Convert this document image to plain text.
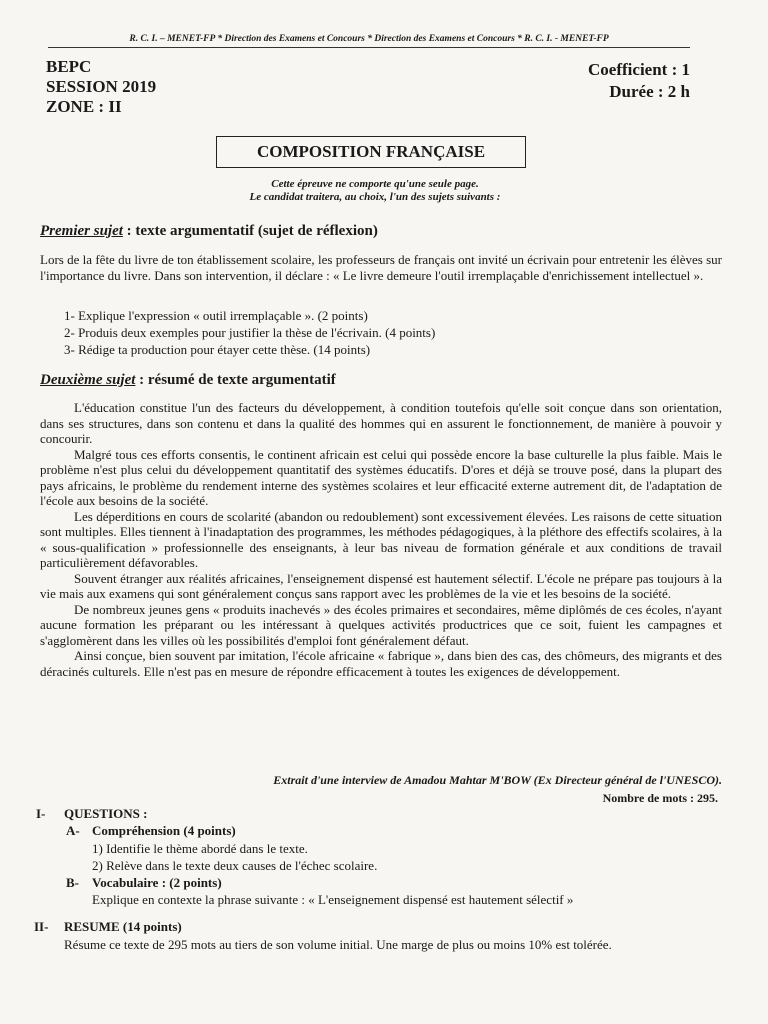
R. C. I. – MENET-FP * Direction des Examens et Concours * Direction des Examens et Concours * R. C. I. - MENET-FP
BEPC
SESSION 2019
ZONE : II
Coefficient : 1
Durée : 2 h
COMPOSITION FRANÇAISE
Cette épreuve ne comporte qu'une seule page.
Le candidat traitera, au choix, l'un des sujets suivants :
Premier sujet : texte argumentatif (sujet de réflexion)

Lors de la fête du livre de ton établissement scolaire, les professeurs de français ont invité un écrivain pour entretenir les élèves sur l'importance du livre. Dans son intervention, il déclare : « Le livre demeure l'outil irremplaçable d'enrichissement intellectuel ».

1- Explique l'expression « outil irremplaçable ». (2 points)
2- Produis deux exemples pour justifier la thèse de l'écrivain. (4 points)
3- Rédige ta production pour étayer cette thèse. (14 points)
Deuxième sujet : résumé de texte argumentatif

L'éducation constitue l'un des facteurs du développement, à condition toutefois qu'elle soit conçue dans son orientation, dans ses structures, dans son contenu et dans la qualité des hommes qui en assurent le fonctionnement, de manière à pouvoir y concourir.

Malgré tous ces efforts consentis, le continent africain est celui qui possède encore la base culturelle la plus faible. Mais le problème n'est plus celui du développement quantitatif des systèmes éducatifs. D'ores et déjà se trouve posé, dans la plupart des pays africains, le problème du rendement interne des systèmes scolaires et leur efficacité externe autrement dit, de l'adaptation de l'école aux besoins de la société.

Les déperditions en cours de scolarité (abandon ou redoublement) sont excessivement élevées. Les raisons de cette situation sont multiples. Elles tiennent à l'inadaptation des programmes, les méthodes pédagogiques, à la pléthore des effectifs scolaires, à la « sous-qualification » professionnelle des enseignants, à leur bas niveau de formation générale et aux conditions de travail particulièrement défavorables.

Souvent étranger aux réalités africaines, l'enseignement dispensé est hautement sélectif. L'école ne prépare pas toujours à la vie mais aux examens qui sont généralement conçus sans rapport avec les problèmes de la vie et les besoins de la société.

De nombreux jeunes gens « produits inachevés » des écoles primaires et secondaires, même diplômés de ces écoles, n'ayant aucune formation les préparant ou les intéressant à quelques activités productrices que ce soit, fuient les campagnes et s'agglomèrent dans les villes où les possibilités d'emploi font généralement défaut.

Ainsi conçue, bien souvent par imitation, l'école africaine « fabrique », dans bien des cas, des chômeurs, des migrants et des déracinés culturels. Elle n'est pas en mesure de répondre efficacement à toutes les exigences de développement.

Extrait d'une interview de Amadou Mahtar M'BOW (Ex Directeur général de l'UNESCO).
Nombre de mots : 295.
I- QUESTIONS :
A- Compréhension (4 points)
1) Identifie le thème abordé dans le texte.
2) Relève dans le texte deux causes de l'échec scolaire.
B- Vocabulaire : (2 points)
Explique en contexte la phrase suivante : « L'enseignement dispensé est hautement sélectif »
II- RESUME (14 points)
Résume ce texte de 295 mots au tiers de son volume initial. Une marge de plus ou moins 10% est tolérée.
